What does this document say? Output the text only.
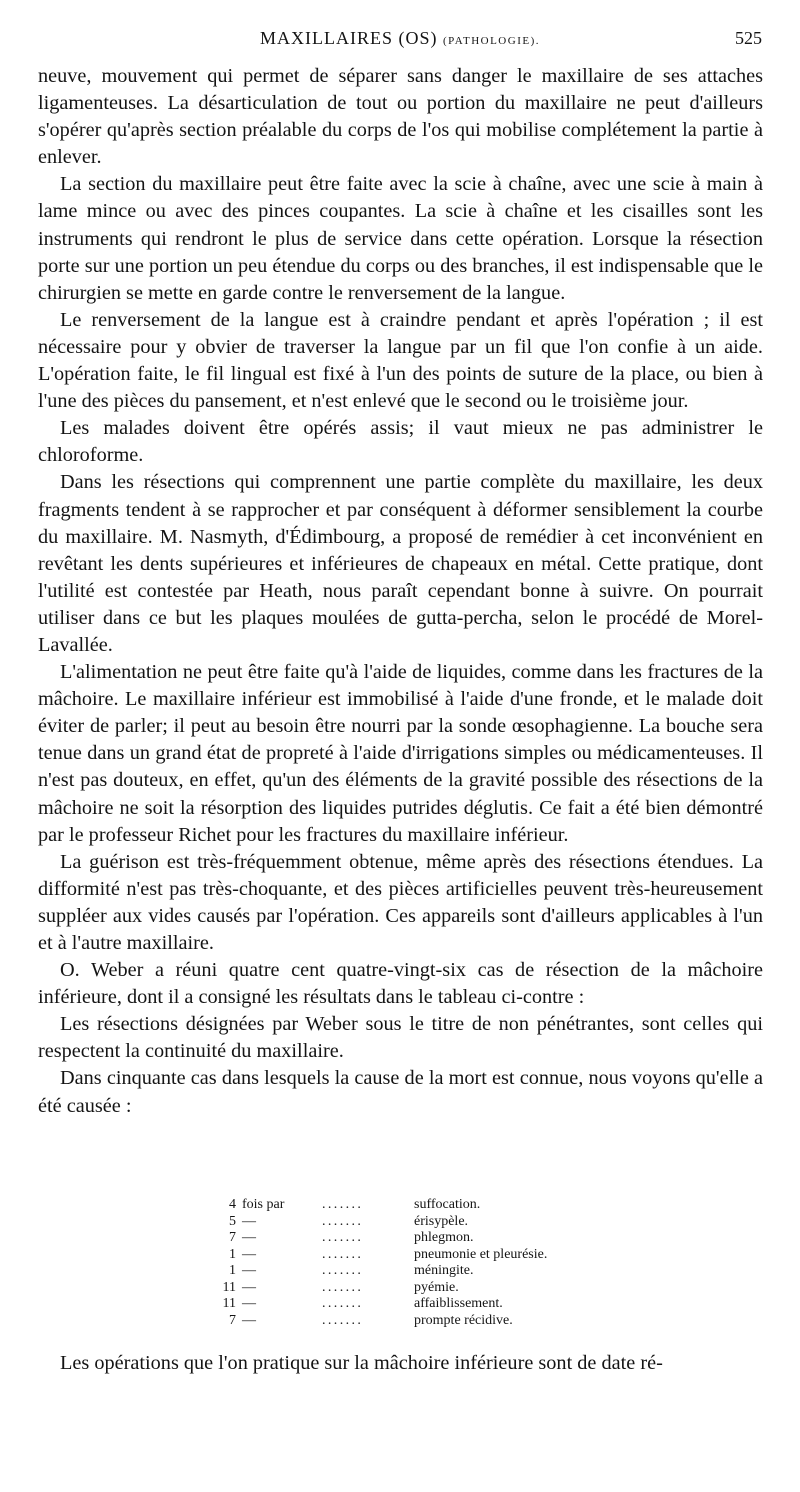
MAXILLAIRES (OS) (PATHOLOGIE).	525

neuve, mouvement qui permet de séparer sans danger le maxillaire de ses attaches ligamenteuses. La désarticulation de tout ou portion du maxillaire ne peut d'ailleurs s'opérer qu'après section préalable du corps de l'os qui mobilise complétement la partie à enlever.

La section du maxillaire peut être faite avec la scie à chaîne, avec une scie à main à lame mince ou avec des pinces coupantes. La scie à chaîne et les cisailles sont les instruments qui rendront le plus de service dans cette opération. Lorsque la résection porte sur une portion un peu étendue du corps ou des branches, il est indispensable que le chirurgien se mette en garde contre le renversement de la langue.

Le renversement de la langue est à craindre pendant et après l'opération ; il est nécessaire pour y obvier de traverser la langue par un fil que l'on confie à un aide. L'opération faite, le fil lingual est fixé à l'un des points de suture de la place, ou bien à l'une des pièces du pansement, et n'est enlevé que le second ou le troisième jour.

Les malades doivent être opérés assis; il vaut mieux ne pas administrer le chloroforme.

Dans les résections qui comprennent une partie complète du maxillaire, les deux fragments tendent à se rapprocher et par conséquent à déformer sensiblement la courbe du maxillaire. M. Nasmyth, d'Édimbourg, a proposé de remédier à cet inconvénient en revêtant les dents supérieures et inférieures de chapeaux en métal. Cette pratique, dont l'utilité est contestée par Heath, nous paraît cependant bonne à suivre. On pourrait utiliser dans ce but les plaques moulées de gutta-percha, selon le procédé de Morel-Lavallée.

L'alimentation ne peut être faite qu'à l'aide de liquides, comme dans les fractures de la mâchoire. Le maxillaire inférieur est immobilisé à l'aide d'une fronde, et le malade doit éviter de parler; il peut au besoin être nourri par la sonde œsophagienne. La bouche sera tenue dans un grand état de propreté à l'aide d'irrigations simples ou médicamenteuses. Il n'est pas douteux, en effet, qu'un des éléments de la gravité possible des résections de la mâchoire ne soit la résorption des liquides putrides déglutis. Ce fait a été bien démontré par le professeur Richet pour les fractures du maxillaire inférieur.

La guérison est très-fréquemment obtenue, même après des résections étendues. La difformité n'est pas très-choquante, et des pièces artificielles peuvent très-heureusement suppléer aux vides causés par l'opération. Ces appareils sont d'ailleurs applicables à l'un et à l'autre maxillaire.

O. Weber a réuni quatre cent quatre-vingt-six cas de résection de la mâchoire inférieure, dont il a consigné les résultats dans le tableau ci-contre :

Les résections désignées par Weber sous le titre de non pénétrantes, sont celles qui respectent la continuité du maxillaire.

Dans cinquante cas dans lesquels la cause de la mort est connue, nous voyons qu'elle a été causée :

4 fois par	.......	suffocation.
5 —	.......	érisypèle.
7 —	.......	phlegmon.
1 —	.......	pneumonie et pleurésie.
1 —	.......	méningite.
11 —	.......	pyémie.
11 —	.......	affaiblissement.
7 —	.......	prompte récidive.
Les opérations que l'on pratique sur la mâchoire inférieure sont de date ré-
